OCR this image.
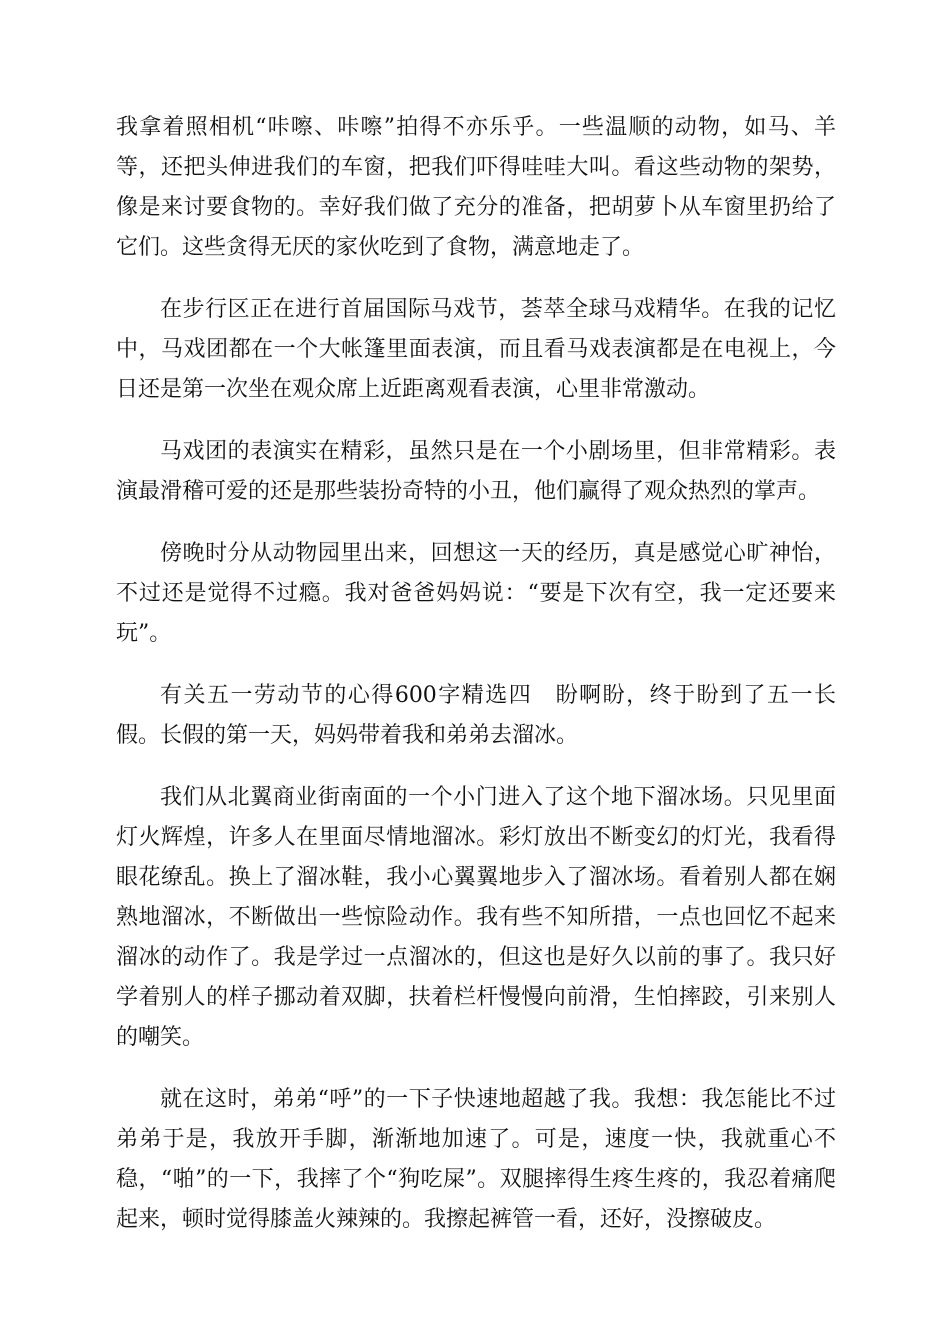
我拿着照相机“咔嚓、咔嚓”拍得不亦乐乎。一些温顺的动物，如马、羊等，还把头伸进我们的车窗，把我们吓得哇哇大叫。看这些动物的架势，像是来讨要食物的。幸好我们做了充分的准备，把胡萝卜从车窗里扔给了它们。这些贪得无厌的家伙吃到了食物，满意地走了。

在步行区正在进行首届国际马戏节，荟萃全球马戏精华。在我的记忆中，马戏团都在一个大帐篷里面表演，而且看马戏表演都是在电视上，今日还是第一次坐在观众席上近距离观看表演，心里非常激动。

马戏团的表演实在精彩，虽然只是在一个小剧场里，但非常精彩。表演最滑稽可爱的还是那些装扮奇特的小丑，他们赢得了观众热烈的掌声。

傍晚时分从动物园里出来，回想这一天的经历，真是感觉心旷神怡，不过还是觉得不过瘾。我对爸爸妈妈说：“要是下次有空，我一定还要来玩”。

有关五一劳动节的心得600字精选四　盼啊盼，终于盼到了五一长假。长假的第一天，妈妈带着我和弟弟去溜冰。

我们从北翼商业街南面的一个小门进入了这个地下溜冰场。只见里面灯火辉煌，许多人在里面尽情地溜冰。彩灯放出不断变幻的灯光，我看得眼花缭乱。换上了溜冰鞋，我小心翼翼地步入了溜冰场。看着别人都在娴熟地溜冰，不断做出一些惊险动作。我有些不知所措，一点也回忆不起来溜冰的动作了。我是学过一点溜冰的，但这也是好久以前的事了。我只好学着别人的样子挪动着双脚，扶着栏杆慢慢向前滑，生怕摔跤，引来别人的嘲笑。

就在这时，弟弟“呼”的一下子快速地超越了我。我想：我怎能比不过弟弟于是，我放开手脚，渐渐地加速了。可是，速度一快，我就重心不稳，“啪”的一下，我摔了个“狗吃屎”。双腿摔得生疼生疼的，我忍着痛爬起来，顿时觉得膝盖火辣辣的。我擦起裤管一看，还好，没擦破皮。
